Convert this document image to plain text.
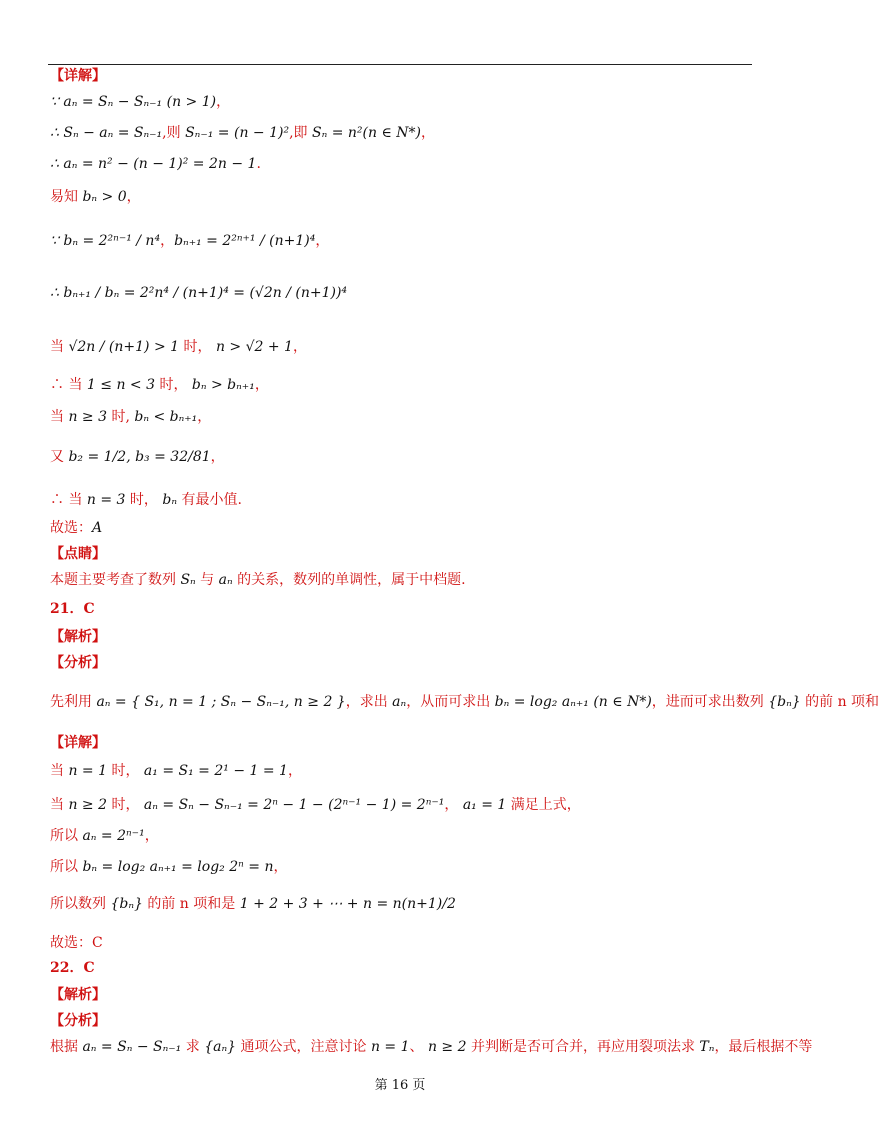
【详解】
∵ aₙ = Sₙ − Sₙ₋₁ (n > 1)，
∴ Sₙ − aₙ = Sₙ₋₁,则 Sₙ₋₁ = (n − 1)²,即 Sₙ = n²(n ∈ N*)，
∴ aₙ = n² − (n − 1)² = 2n − 1.
易知 bₙ > 0，
∵ bₙ = 2²ⁿ⁻¹ / n⁴，bₙ₊₁ = 2²ⁿ⁺¹ / (n+1)⁴，
∴ bₙ₊₁ / bₙ = 2²n⁴ / (n+1)⁴ = (√2n / (n+1))⁴
当 √2n / (n+1) > 1 时， n > √2 + 1，
∴ 当 1 ≤ n < 3 时， bₙ > bₙ₊₁，
当 n ≥ 3 时, bₙ < bₙ₊₁，
又 b₂ = 1/2, b₃ = 32/81，
∴ 当 n = 3 时， bₙ 有最小值.
故选：A
【点睛】
本题主要考查了数列 Sₙ 与 aₙ 的关系，数列的单调性，属于中档题.
21．C
【解析】
【分析】
先利用 aₙ = { S₁, n = 1 ; Sₙ − Sₙ₋₁, n ≥ 2 }，求出 aₙ，从而可求出 bₙ = log₂ aₙ₊₁ (n ∈ N*)，进而可求出数列 {bₙ} 的前 n 项和
【详解】
当 n = 1 时， a₁ = S₁ = 2¹ − 1 = 1，
当 n ≥ 2 时， aₙ = Sₙ − Sₙ₋₁ = 2ⁿ − 1 − (2ⁿ⁻¹ − 1) = 2ⁿ⁻¹， a₁ = 1 满足上式，
所以 aₙ = 2ⁿ⁻¹，
所以 bₙ = log₂ aₙ₊₁ = log₂ 2ⁿ = n，
所以数列 {bₙ} 的前 n 项和是 1 + 2 + 3 + ⋯ + n = n(n+1)/2
故选：C
22．C
【解析】
【分析】
根据 aₙ = Sₙ − Sₙ₋₁ 求 {aₙ} 通项公式，注意讨论 n = 1、 n ≥ 2 并判断是否可合并，再应用裂项法求 Tₙ，最后根据不等
第 16 页
